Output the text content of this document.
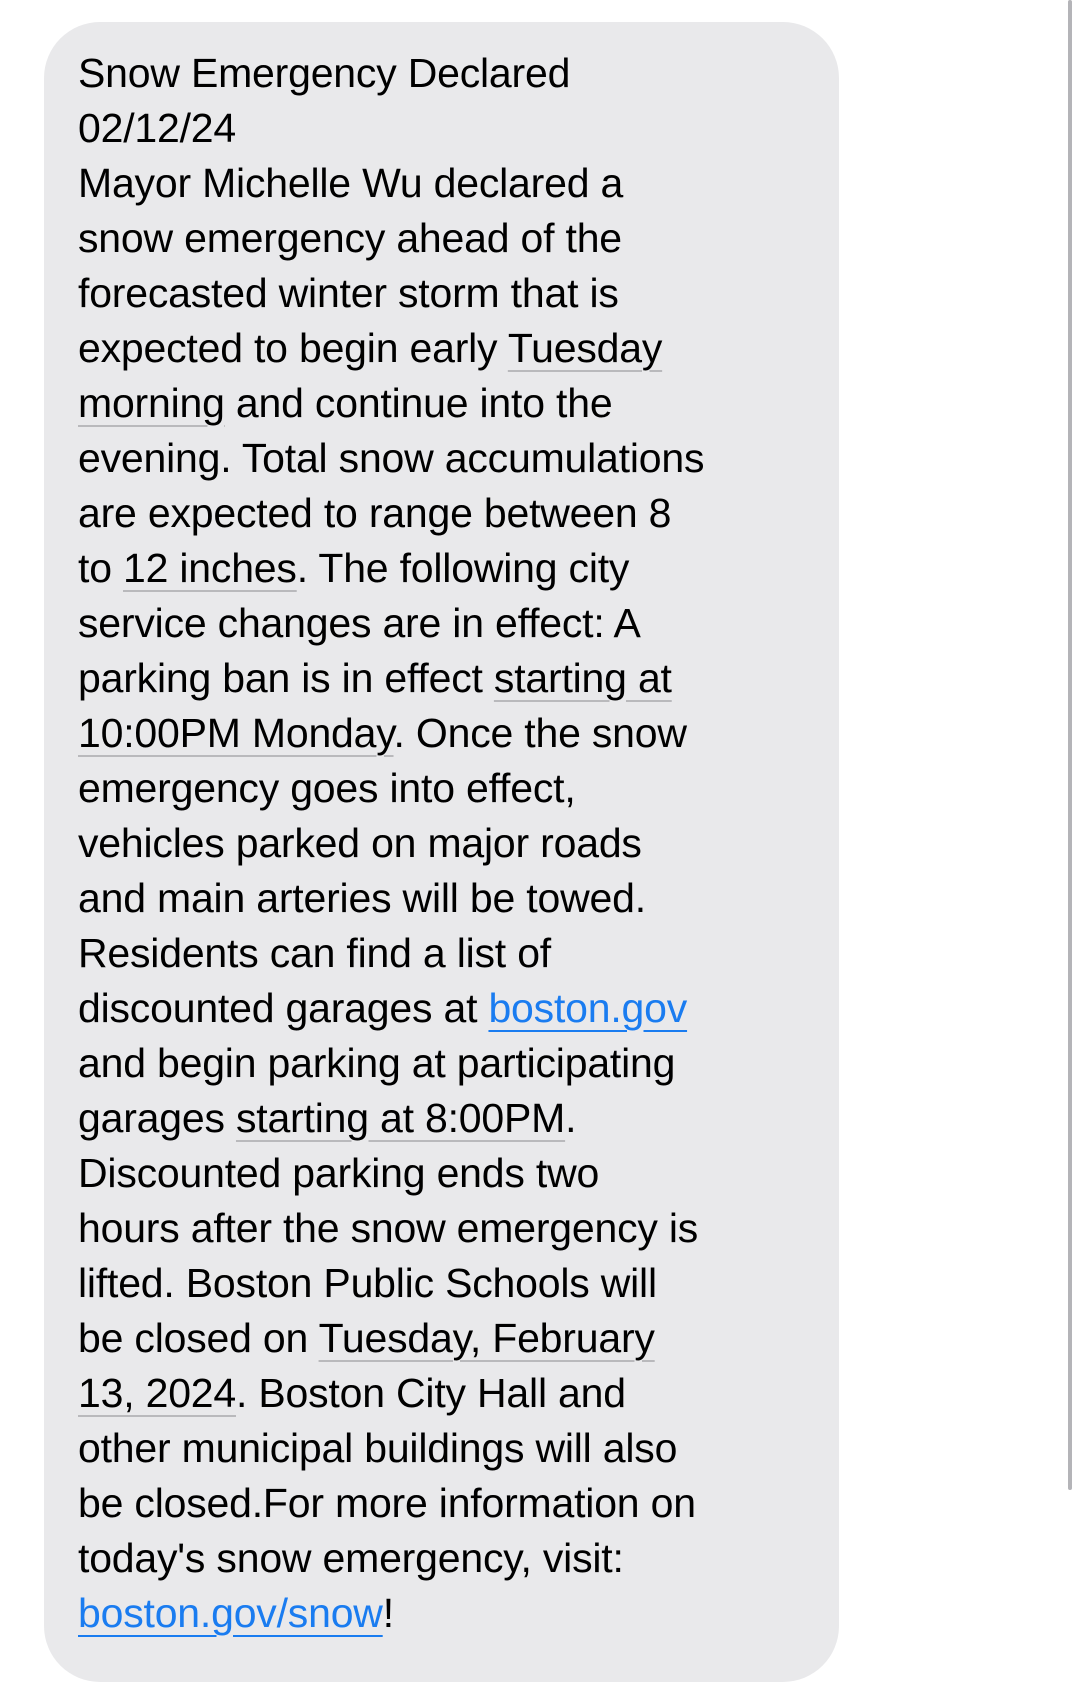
Snow Emergency Declared
02/12/24
Mayor Michelle Wu declared a
snow emergency ahead of the
forecasted winter storm that is
expected to begin early Tuesday
morning and continue into the
evening. Total snow accumulations
are expected to range between 8
to 12 inches. The following city
service changes are in effect: A
parking ban is in effect starting at
10:00PM Monday. Once the snow
emergency goes into effect,
vehicles parked on major roads
and main arteries will be towed.
Residents can find a list of
discounted garages at boston.gov
and begin parking at participating
garages starting at 8:00PM.
Discounted parking ends two
hours after the snow emergency is
lifted. Boston Public Schools will
be closed on Tuesday, February
13, 2024. Boston City Hall and
other municipal buildings will also
be closed.For more information on
today's snow emergency, visit:
boston.gov/snow!
